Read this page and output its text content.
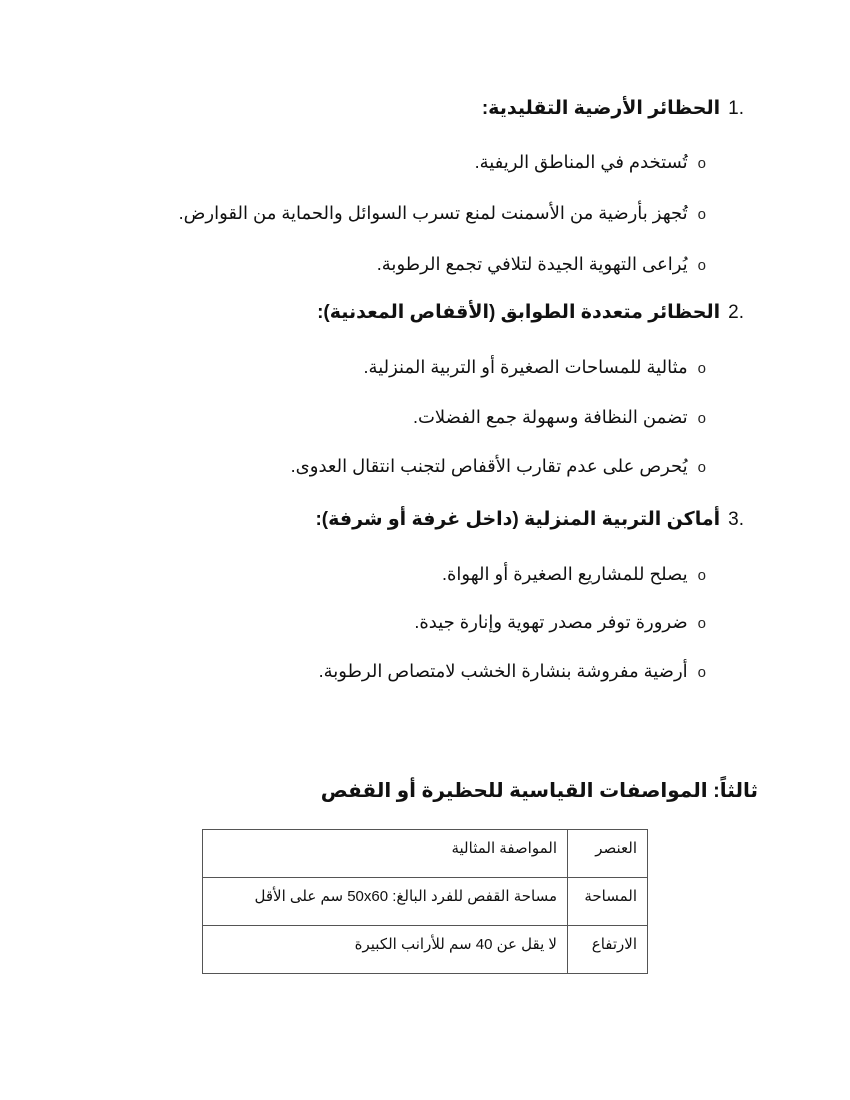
.1
الحظائر الأرضية التقليدية:
o
تُستخدم في المناطق الريفية.
o
تُجهز بأرضية من الأسمنت لمنع تسرب السوائل والحماية من القوارض.
o
يُراعى التهوية الجيدة لتلافي تجمع الرطوبة.
.2
الحظائر متعددة الطوابق (الأقفاص المعدنية):
o
مثالية للمساحات الصغيرة أو التربية المنزلية.
o
تضمن النظافة وسهولة جمع الفضلات.
o
يُحرص على عدم تقارب الأقفاص لتجنب انتقال العدوى.
.3
أماكن التربية المنزلية (داخل غرفة أو شرفة):
o
يصلح للمشاريع الصغيرة أو الهواة.
o
ضرورة توفر مصدر تهوية وإنارة جيدة.
o
أرضية مفروشة بنشارة الخشب لامتصاص الرطوبة.
ثالثاً: المواصفات القياسية للحظيرة أو القفص
العنصر	المواصفة المثالية
المساحة	مساحة القفص للفرد البالغ: 50x60 سم على الأقل
الارتفاع	لا يقل عن 40 سم للأرانب الكبيرة
